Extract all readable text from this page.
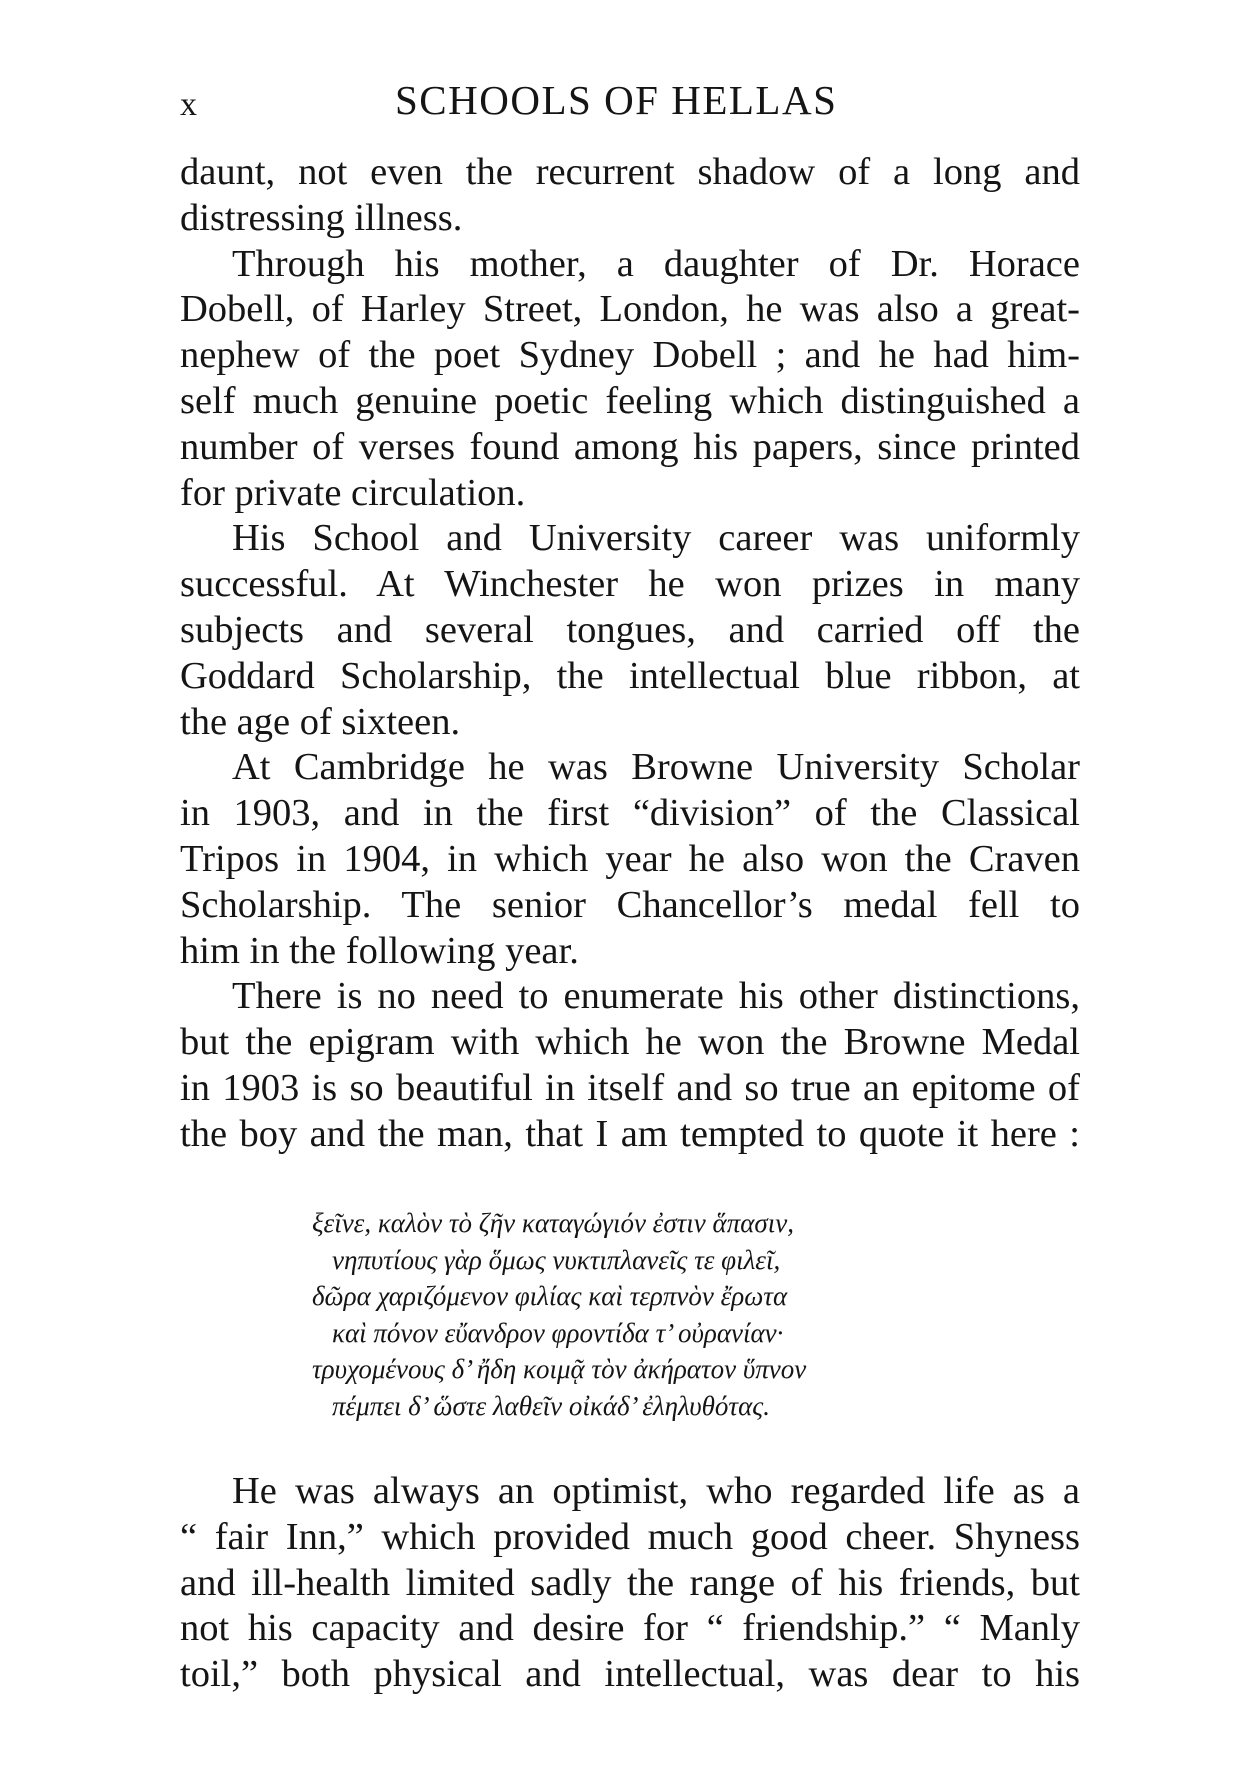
x	SCHOOLS OF HELLAS
daunt, not even the recurrent shadow of a long and
distressing illness.
Through his mother, a daughter of Dr. Horace
Dobell, of Harley Street, London, he was also a great-
nephew of the poet Sydney Dobell ; and he had him-
self much genuine poetic feeling which distinguished a
number of verses found among his papers, since printed
for private circulation.
His School and University career was uniformly
successful. At Winchester he won prizes in many
subjects and several tongues, and carried off the
Goddard Scholarship, the intellectual blue ribbon, at
the age of sixteen.
At Cambridge he was Browne University Scholar
in 1903, and in the first “division” of the Classical
Tripos in 1904, in which year he also won the Craven
Scholarship. The senior Chancellor’s medal fell to
him in the following year.
There is no need to enumerate his other distinctions,
but the epigram with which he won the Browne Medal
in 1903 is so beautiful in itself and so true an epitome of
the boy and the man, that I am tempted to quote it here :
ξεῖνε, καλὸν τὸ ζῆν καταγώγιόν ἐστιν ἅπασιν,
νηπυτίους γὰρ ὅμως νυκτιπλανεῖς τε φιλεῖ,
δῶρα χαριζόμενον φιλίας καὶ τερπνὸν ἔρωτα
καὶ πόνον εὔανδρον φροντίδα τ’ οὐρανίαν·
τρυχομένους δ’ ἤδη κοιμᾷ τὸν ἀκήρατον ὕπνον
πέμπει δ’ ὥστε λαθεῖν οἰκάδ’ ἐληλυθότας.
He was always an optimist, who regarded life as a
“ fair Inn,” which provided much good cheer. Shyness
and ill-health limited sadly the range of his friends, but
not his capacity and desire for “ friendship.” “ Manly
toil,” both physical and intellectual, was dear to his
